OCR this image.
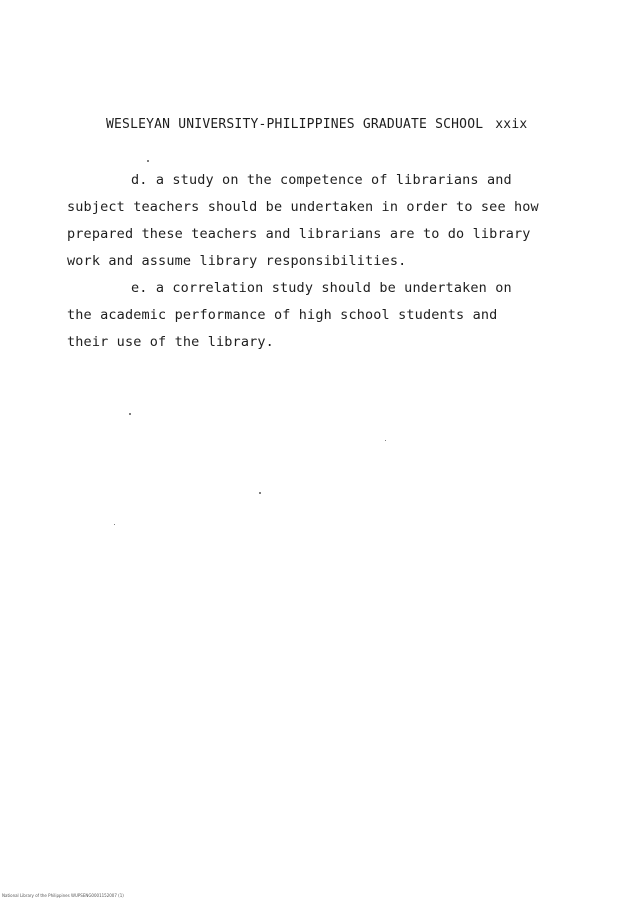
WESLEYAN UNIVERSITY-PHILIPPINES GRADUATE SCHOOL xxix
d. a study on the competence of librarians and
subject teachers should be undertaken in order to see how
prepared these teachers and librarians are to do library
work and assume library responsibilities.
e. a correlation study should be undertaken on
the academic performance of high school students and
their use of the library.
National Library of the Philippines WUPSENG0001152007 (1)
